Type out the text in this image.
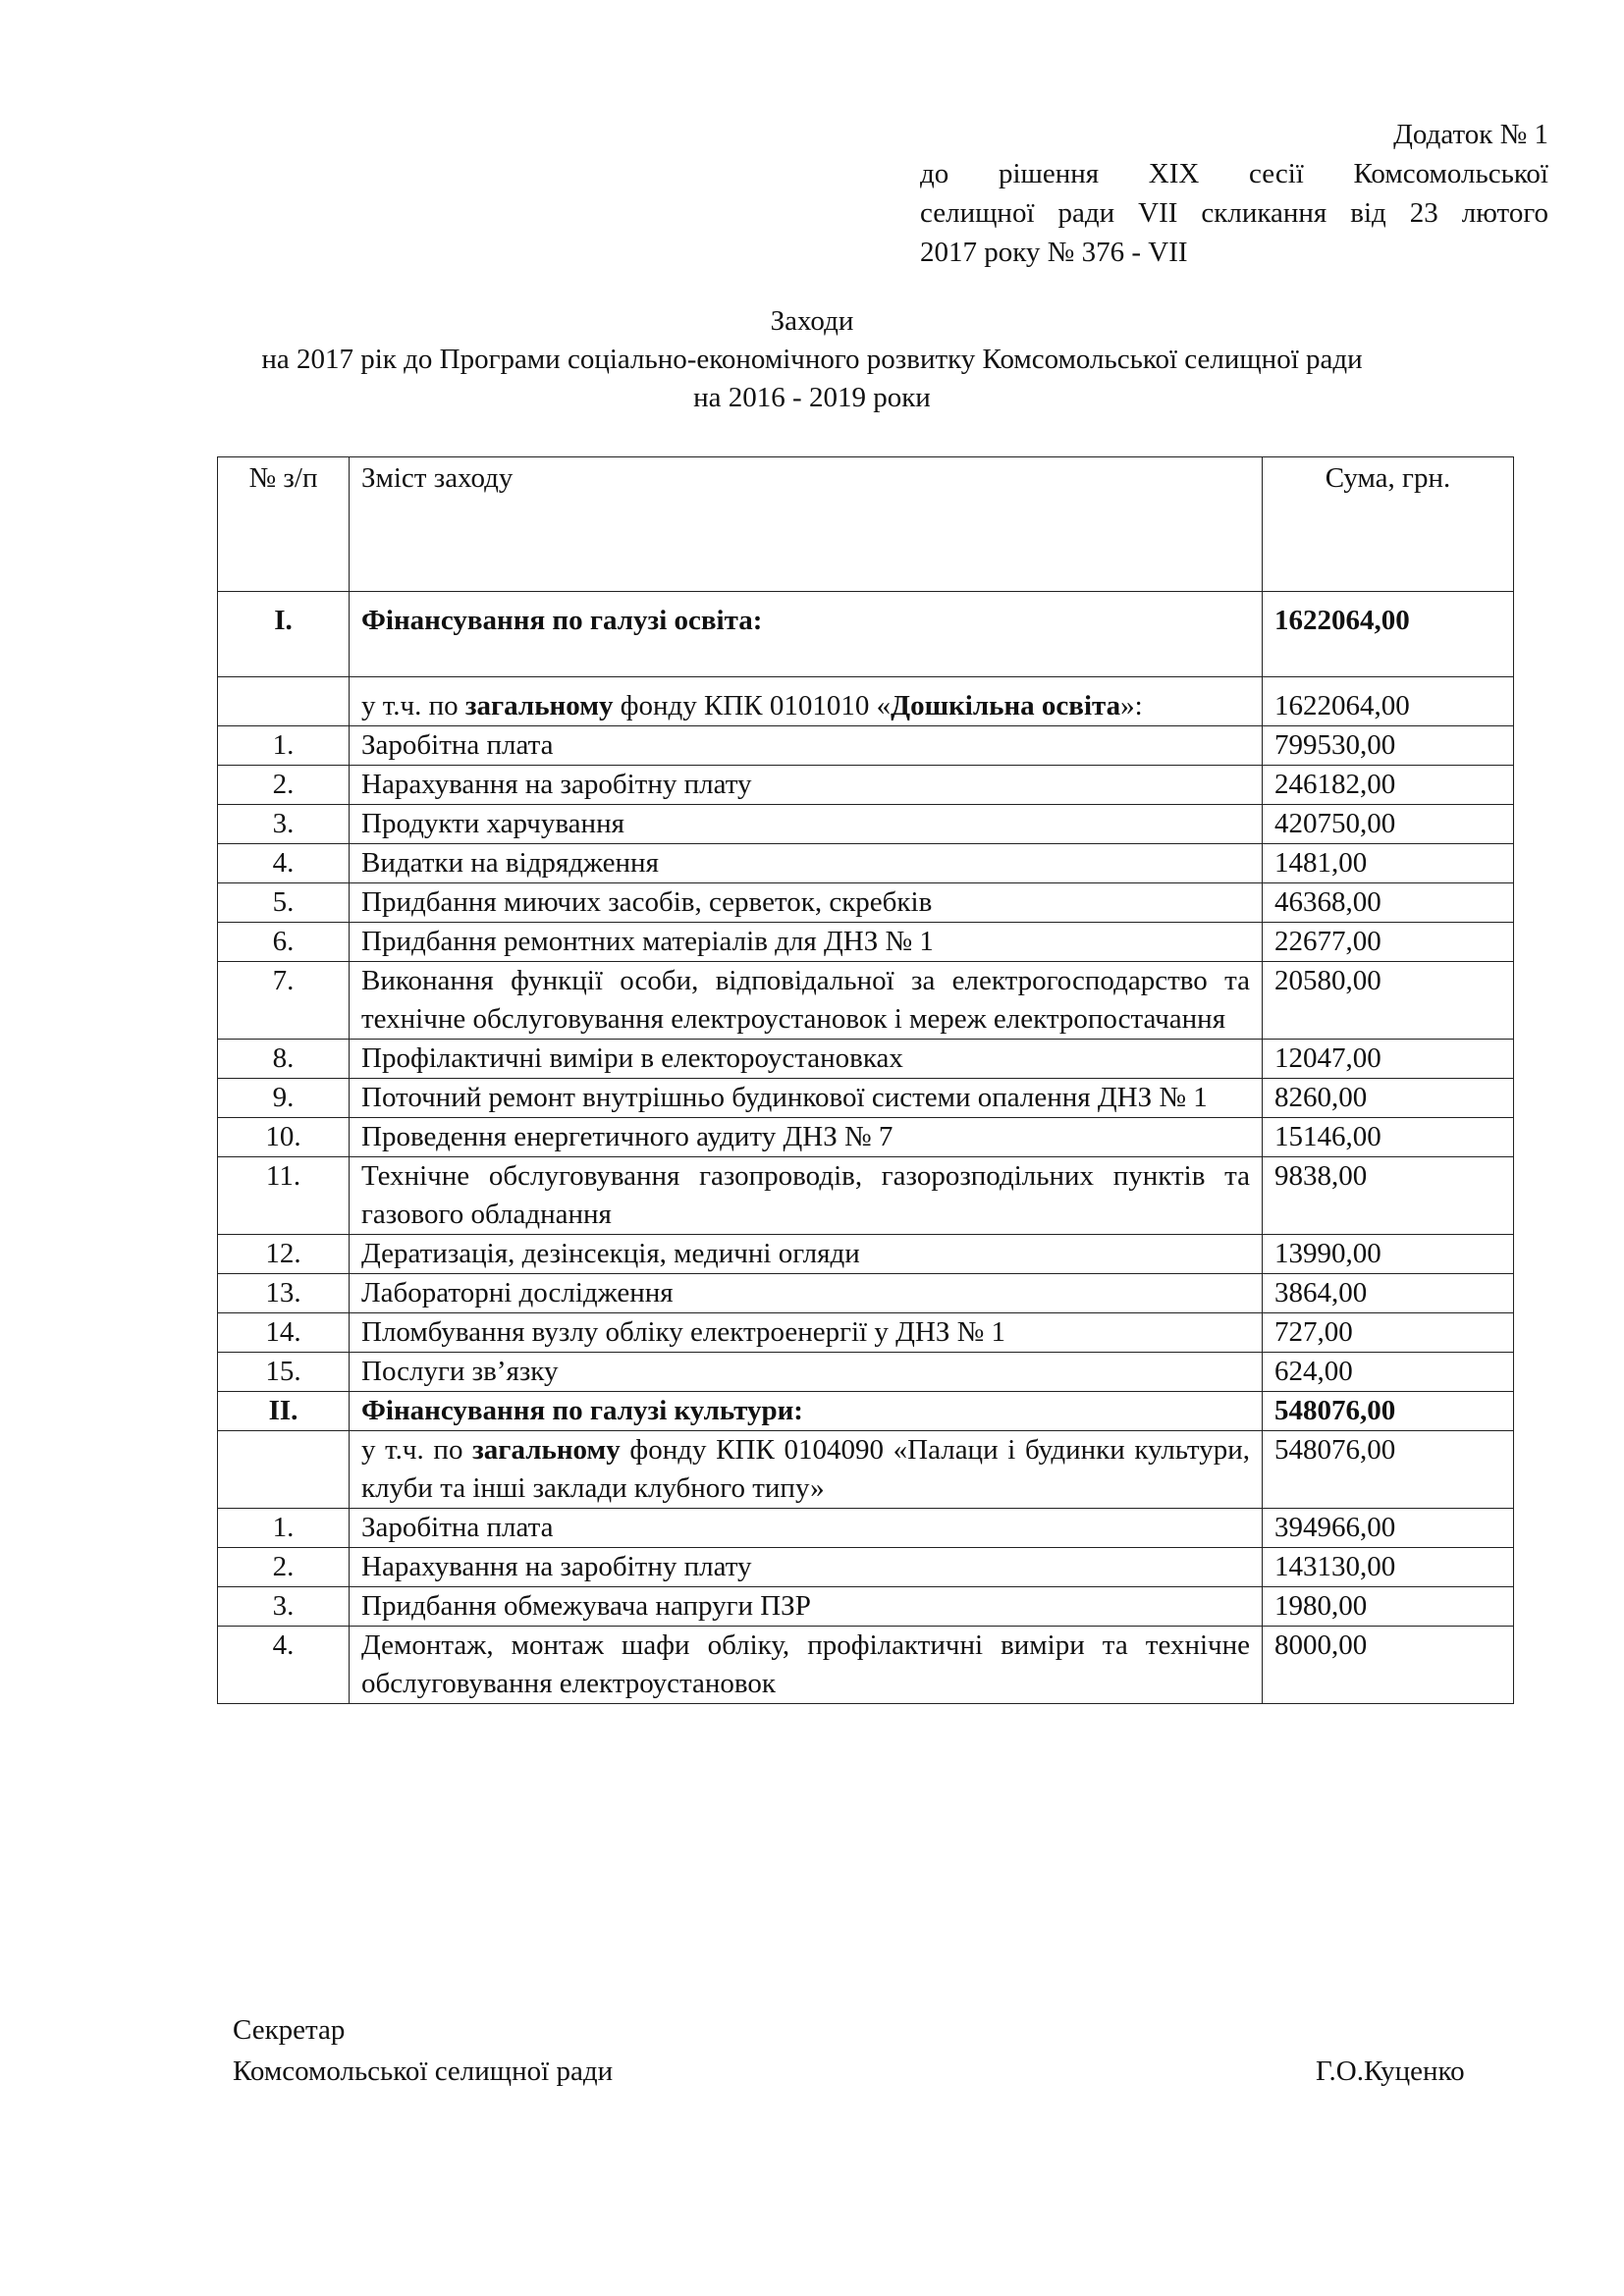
Додаток № 1
до рішення XIX сесії Комсомольської
селищної ради VII скликання від 23 лютого
2017 року № 376 - VII
Заходи
на 2017 рік до Програми соціально-економічного розвитку Комсомольської селищної ради
на 2016 - 2019 роки
№ з/п	Зміст заходу	Сума, грн.
I.	Фінансування по галузі освіта:	1622064,00
	у т.ч. по загальному фонду КПК 0101010 «Дошкільна освіта»:	1622064,00
1.	Заробітна плата	799530,00
2.	Нарахування на заробітну плату	246182,00
3.	Продукти харчування	420750,00
4.	Видатки на відрядження	1481,00
5.	Придбання миючих засобів, серветок, скребків	46368,00
6.	Придбання ремонтних матеріалів для ДНЗ № 1	22677,00
7.	Виконання функції особи, відповідальної за електрогосподарство та технічне обслуговування електроустановок і мереж електропостачання	20580,00
8.	Профілактичні виміри в електороустановках	12047,00
9.	Поточний ремонт внутрішньо будинкової системи опалення ДНЗ № 1	8260,00
10.	Проведення енергетичного аудиту ДНЗ № 7	15146,00
11.	Технічне обслуговування газопроводів, газорозподільних пунктів та газового обладнання	9838,00
12.	Дератизація, дезінсекція, медичні огляди	13990,00
13.	Лабораторні дослідження	3864,00
14.	Пломбування вузлу обліку електроенергії у ДНЗ № 1	727,00
15.	Послуги зв’язку	624,00
II.	Фінансування по галузі культури:	548076,00
	у т.ч. по загальному фонду КПК 0104090 «Палаци і будинки культури, клуби та інші заклади клубного типу»	548076,00
1.	Заробітна плата	394966,00
2.	Нарахування на заробітну плату	143130,00
3.	Придбання обмежувача напруги ПЗР	1980,00
4.	Демонтаж, монтаж шафи обліку, профілактичні виміри та технічне обслуговування електроустановок	8000,00
Секретар
Комсомольської селищної ради	Г.О.Куценко
